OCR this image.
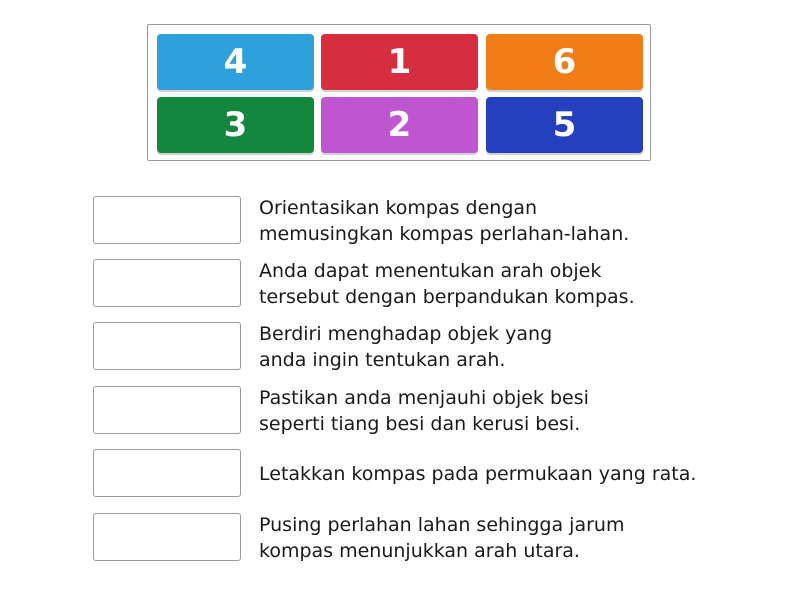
4	1	6
3	2	5
Orientasikan kompas dengan
memusingkan kompas perlahan-lahan.
Anda dapat menentukan arah objek
tersebut dengan berpandukan kompas.
Berdiri menghadap objek yang
anda ingin tentukan arah.
Pastikan anda menjauhi objek besi
seperti tiang besi dan kerusi besi.
Letakkan kompas pada permukaan yang rata.
Pusing perlahan lahan sehingga jarum
kompas menunjukkan arah utara.
